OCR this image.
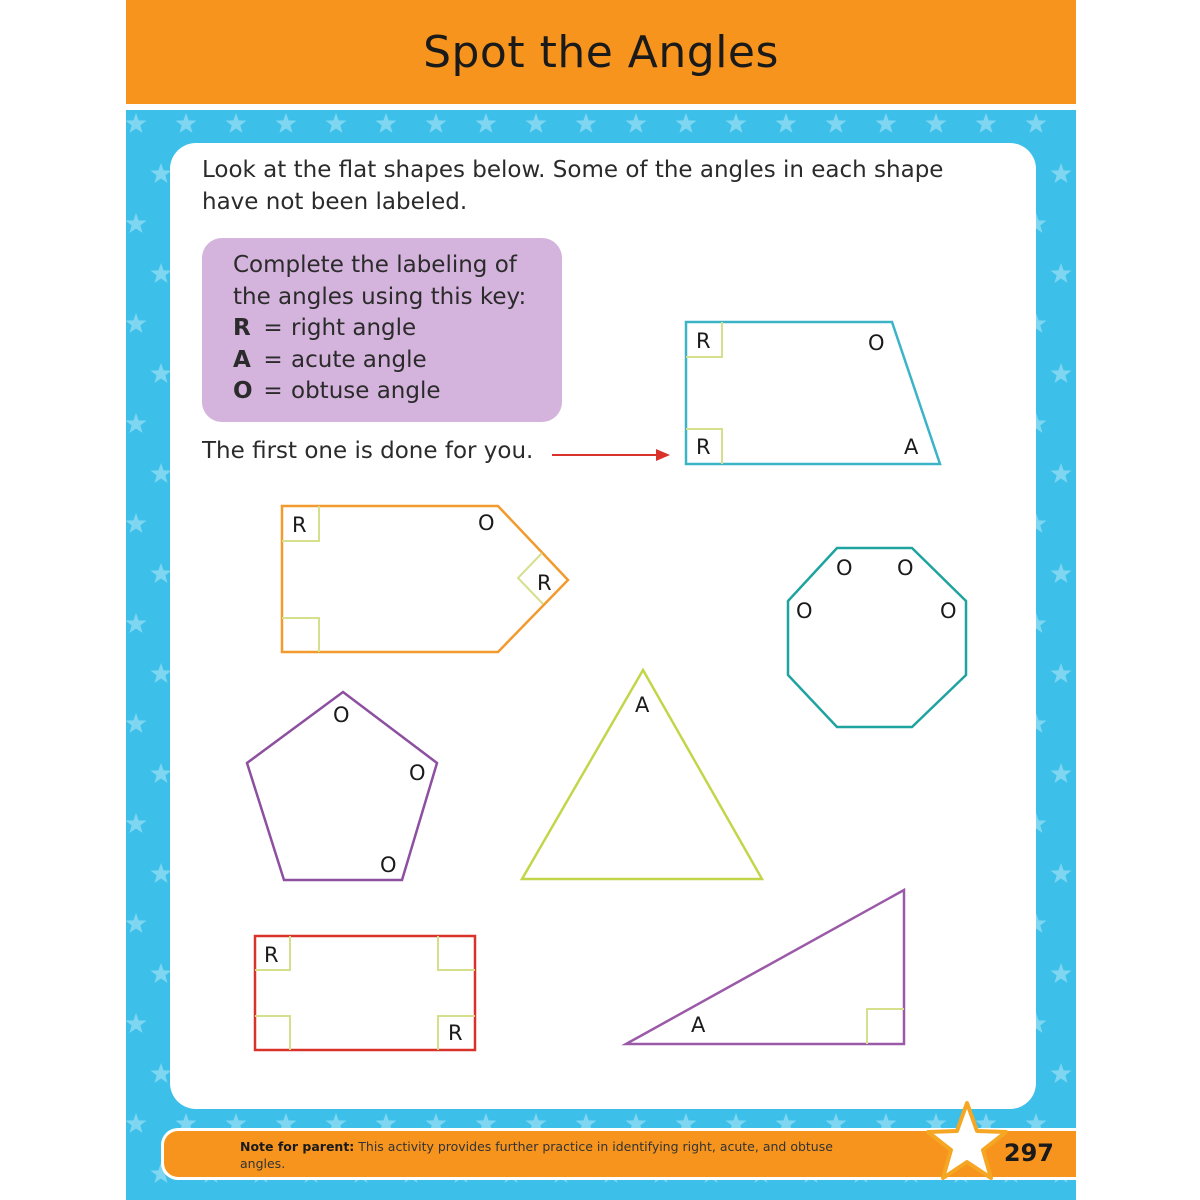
Spot the Angles
Look at the flat shapes below. Some of the angles in each shape have not been labeled.
Complete the labeling of the angles using this key:
R = right angle
A = acute angle
O = obtuse angle
The first one is done for you.
R	O
R	A
R	O
R
O O
O	O
O
O
O
A
R
R	A
Note for parent: This activity provides further practice in identifying right, acute, and obtuse angles.	297
